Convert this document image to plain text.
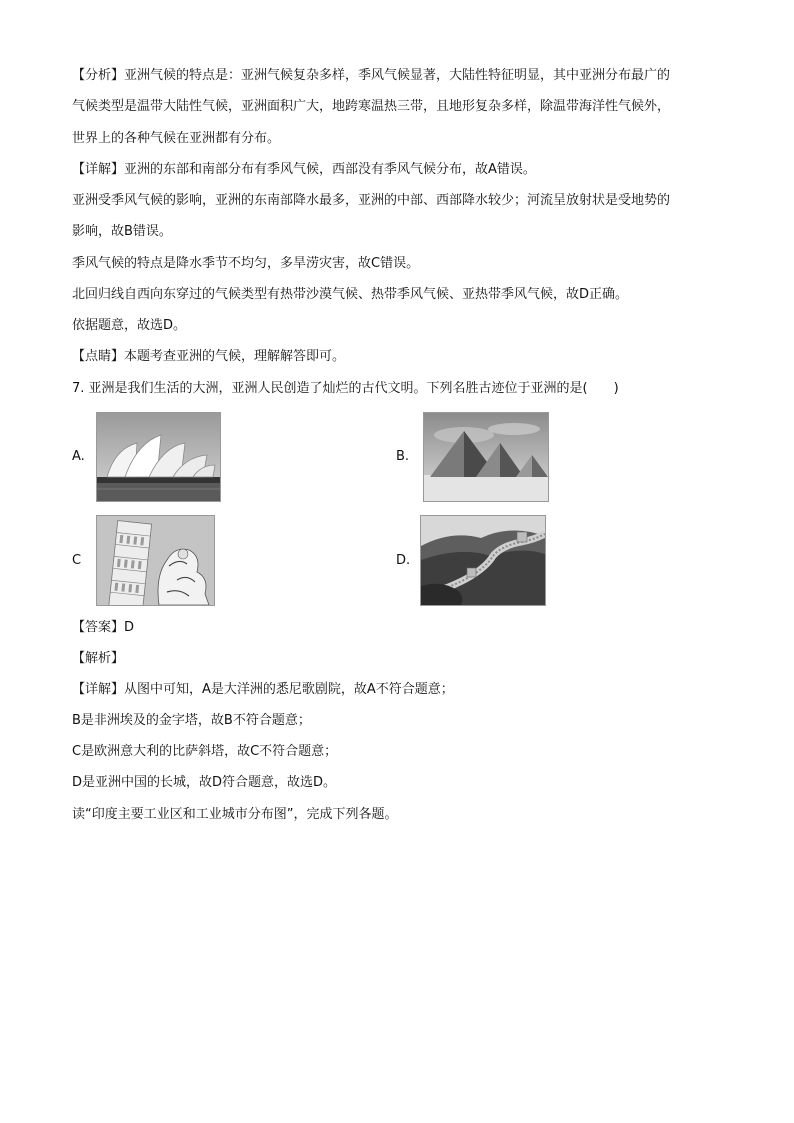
【分析】亚洲气候的特点是：亚洲气候复杂多样，季风气候显著，大陆性特征明显，其中亚洲分布最广的
气候类型是温带大陆性气候，亚洲面积广大，地跨寒温热三带，且地形复杂多样，除温带海洋性气候外，
世界上的各种气候在亚洲都有分布。
【详解】亚洲的东部和南部分布有季风气候，西部没有季风气候分布，故A错误。
亚洲受季风气候的影响，亚洲的东南部降水最多，亚洲的中部、西部降水较少；河流呈放射状是受地势的
影响，故B错误。
季风气候的特点是降水季节不均匀，多旱涝灾害，故C错误。
北回归线自西向东穿过的气候类型有热带沙漠气候、热带季风气候、亚热带季风气候，故D正确。
依据题意，故选D。
【点睛】本题考查亚洲的气候，理解解答即可。
7. 亚洲是我们生活的大洲，亚洲人民创造了灿烂的古代文明。下列名胜古迹位于亚洲的是(　　)
A.	B.
C	D.
【答案】D
【解析】
【详解】从图中可知，A是大洋洲的悉尼歌剧院，故A不符合题意；
B是非洲埃及的金字塔，故B不符合题意；
C是欧洲意大利的比萨斜塔，故C不符合题意；
D是亚洲中国的长城，故D符合题意，故选D。
读“印度主要工业区和工业城市分布图”，完成下列各题。
